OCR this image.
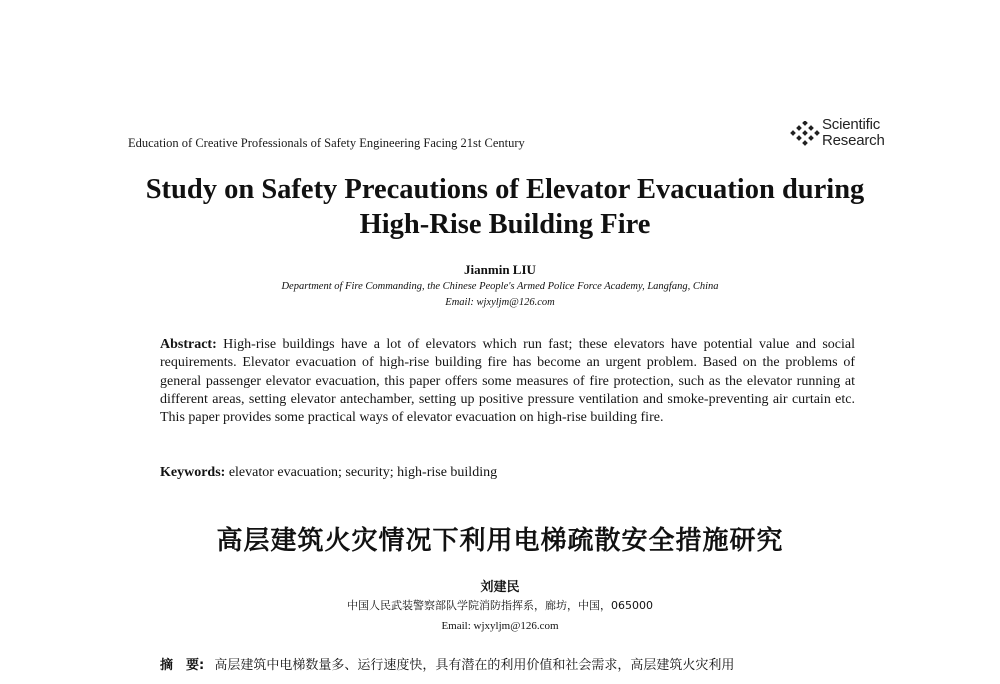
Education of Creative Professionals of Safety Engineering Facing 21st Century
Scientific
Research
Study on Safety Precautions of Elevator Evacuation during
High-Rise Building Fire
Jianmin LIU
Department of Fire Commanding, the Chinese People's Armed Police Force Academy, Langfang, China
Email: wjxyljm@126.com
Abstract: High-rise buildings have a lot of elevators which run fast; these elevators have potential value and social requirements. Elevator evacuation of high-rise building fire has become an urgent problem. Based on the problems of general passenger elevator evacuation, this paper offers some measures of fire protection, such as the elevator running at different areas, setting elevator antechamber, setting up positive pressure ventilation and smoke-preventing air curtain etc. This paper provides some practical ways of elevator evacuation on high-rise building fire.
Keywords: elevator evacuation; security; high-rise building
高层建筑火灾情况下利用电梯疏散安全措施研究
刘建民
中国人民武装警察部队学院消防指挥系，廊坊，中国，065000
Email: wjxyljm@126.com
摘　要: 高层建筑中电梯数量多、运行速度快，具有潜在的利用价值和社会需求，高层建筑火灾利用
